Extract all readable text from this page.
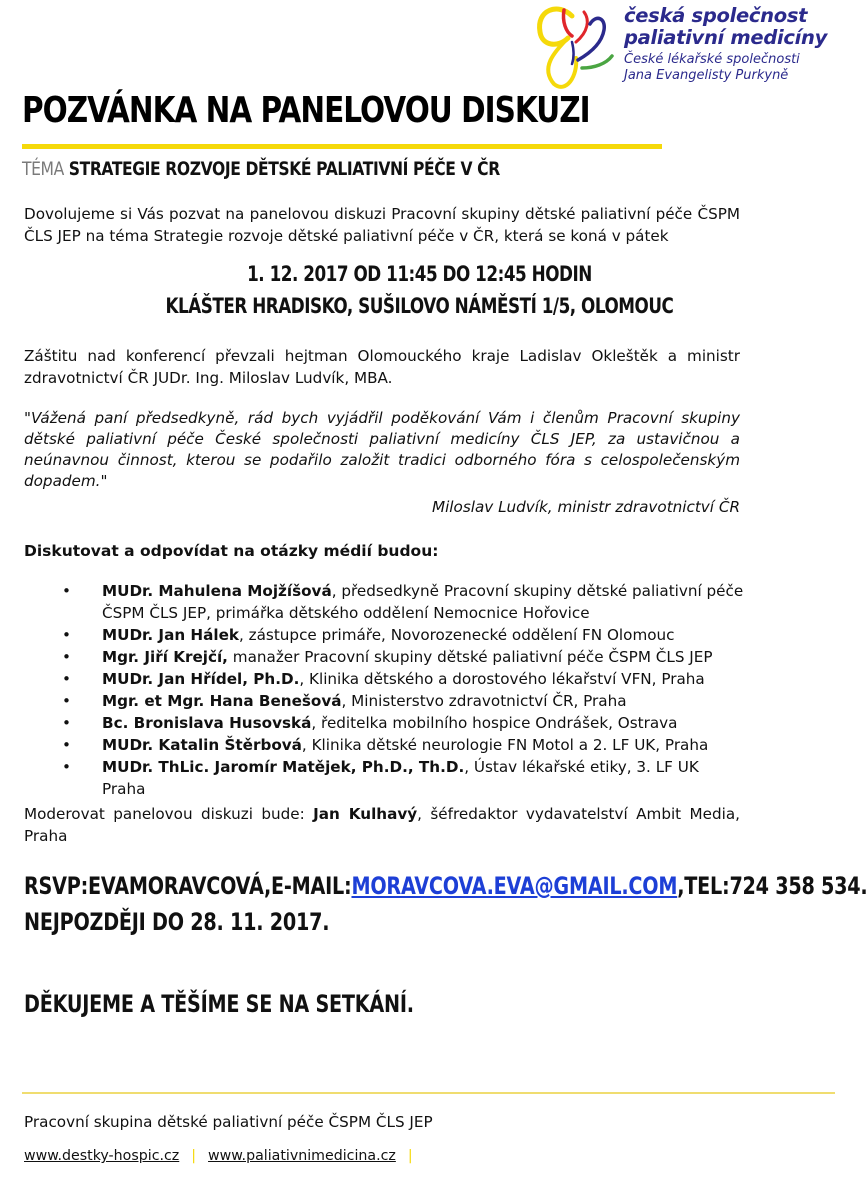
česká společnost
paliativní medicíny
České lékařské společnosti
Jana Evangelisty Purkyně
POZVÁNKA NA PANELOVOU DISKUZI
TÉMA STRATEGIE ROZVOJE DĚTSKÉ PALIATIVNÍ PÉČE V ČR
Dovolujeme si Vás pozvat na panelovou diskuzi Pracovní skupiny dětské paliativní péče ČSPM ČLS JEP na téma Strategie rozvoje dětské paliativní péče v ČR, která se koná v pátek
1. 12. 2017 OD 11:45 DO 12:45 HODIN
KLÁŠTER HRADISKO, SUŠILOVO NÁMĚSTÍ 1/5, OLOMOUC
Záštitu nad konferencí převzali hejtman Olomouckého kraje Ladislav Okleštěk a ministr zdravotnictví ČR JUDr. Ing. Miloslav Ludvík, MBA.
"Vážená paní předsedkyně, rád bych vyjádřil poděkování Vám i členům Pracovní skupiny dětské paliativní péče České společnosti paliativní medicíny ČLS JEP, za ustavičnou a neúnavnou činnost, kterou se podařilo založit tradici odborného fóra s celospolečenským dopadem."
Miloslav Ludvík, ministr zdravotnictví ČR
Diskutovat a odpovídat na otázky médií budou:
• MUDr. Mahulena Mojžíšová, předsedkyně Pracovní skupiny dětské paliativní péče ČSPM ČLS JEP, primářka dětského oddělení Nemocnice Hořovice
• MUDr. Jan Hálek, zástupce primáře, Novorozenecké oddělení FN Olomouc
• Mgr. Jiří Krejčí, manažer Pracovní skupiny dětské paliativní péče ČSPM ČLS JEP
• MUDr. Jan Hřídel, Ph.D., Klinika dětského a dorostového lékařství VFN, Praha
• Mgr. et Mgr. Hana Benešová, Ministerstvo zdravotnictví ČR, Praha
• Bc. Bronislava Husovská, ředitelka mobilního hospice Ondrášek, Ostrava
• MUDr. Katalin Štěrbová, Klinika dětské neurologie FN Motol a 2. LF UK, Praha
• MUDr. ThLic. Jaromír Matějek, Ph.D., Th.D., Ústav lékařské etiky, 3. LF UK Praha
Moderovat panelovou diskuzi bude: Jan Kulhavý, šéfredaktor vydavatelství Ambit Media, Praha
RSVP: EVA MORAVCOVÁ, E-MAIL: MORAVCOVA.EVA@GMAIL.COM, TEL: 724 358 534.
NEJPOZDĚJI DO 28. 11. 2017.
DĚKUJEME A TĚŠÍME SE NA SETKÁNÍ.
Pracovní skupina dětské paliativní péče ČSPM ČLS JEP
www.destky-hospic.cz | www.paliativnimedicina.cz |
